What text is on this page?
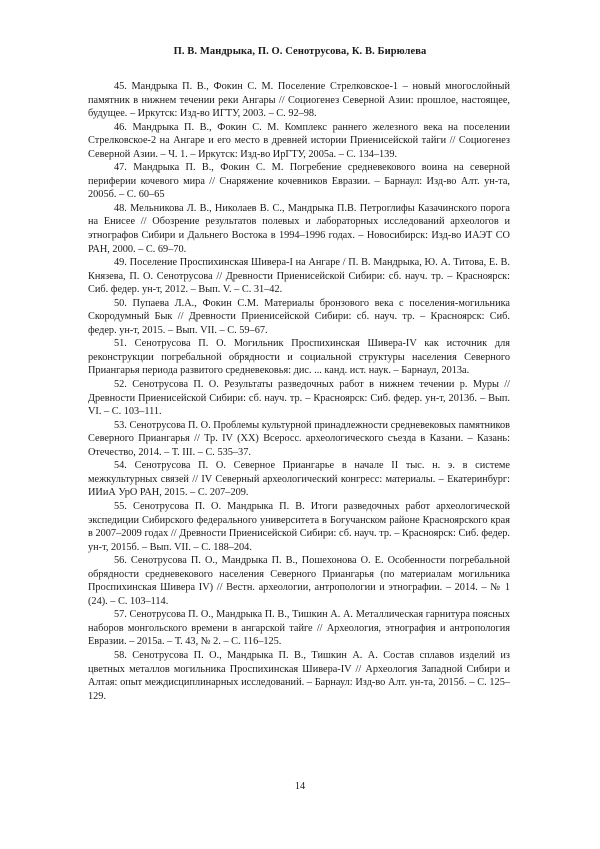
П. В. Мандрыка, П. О. Сенотрусова, К. В. Бирюлева

45. Мандрыка П. В., Фокин С. М. Поселение Стрелковское-1 – новый многослойный памятник в нижнем течении реки Ангары // Социогенез Северной Азии: прошлое, настоящее, будущее. – Иркутск: Изд-во ИГТУ, 2003. – С. 92–98.

46. Мандрыка П. В., Фокин С. М. Комплекс раннего железного века на поселении Стрелковское-2 на Ангаре и его место в древней истории Приенисейской тайги // Социогенез Северной Азии. – Ч. 1. – Иркутск: Изд-во ИрГТУ, 2005а. – С. 134–139.

47. Мандрыка П. В., Фокин С. М. Погребение средневекового воина на северной периферии кочевого мира // Снаряжение кочевников Евразии. – Барнаул: Изд-во Алт. ун-та, 2005б. – С. 60–65

48. Мельникова Л. В., Николаев В. С., Мандрыка П.В. Петроглифы Казачинского порога на Енисее // Обозрение результатов полевых и лабораторных исследований археологов и этнографов Сибири и Дальнего Востока в 1994–1996 годах. – Новосибирск: Изд-во ИАЭТ СО РАН, 2000. – С. 69–70.

49. Поселение Проспихинская Шивера-I на Ангаре / П. В. Мандрыка, Ю. А. Титова, Е. В. Князева, П. О. Сенотрусова // Древности Приенисейской Сибири: сб. науч. тр. – Красноярск: Сиб. федер. ун-т, 2012. – Вып. V. – С. 31–42.

50. Пупаева Л.А., Фокин С.М. Материалы бронзового века с поселения-могильника Скородумный Бык // Древности Приенисейской Сибири: сб. науч. тр. – Красноярск: Сиб. федер. ун-т, 2015. – Вып. VII. – С. 59–67.

51. Сенотрусова П. О. Могильник Проспихинская Шивера-IV как источник для реконструкции погребальной обрядности и социальной структуры населения Северного Приангарья периода развитого средневековья: дис. ... канд. ист. наук. – Барнаул, 2013а.

52. Сенотрусова П. О. Результаты разведочных работ в нижнем течении р. Муры // Древности Приенисейской Сибири: сб. науч. тр. – Красноярск: Сиб. федер. ун-т, 2013б. – Вып. VI. – С. 103–111.

53. Сенотрусова П. О. Проблемы культурной принадлежности средневековых памятников Северного Приангарья // Тр. IV (XX) Всеросс. археологического съезда в Казани. – Казань: Отечество, 2014. – Т. III. – С. 535–37.

54. Сенотрусова П. О. Северное Приангарье в начале II тыс. н. э. в системе межкультурных связей // IV Северный археологический конгресс: материалы. – Екатеринбург: ИИиА УрО РАН, 2015. – С. 207–209.

55. Сенотрусова П. О. Мандрыка П. В. Итоги разведочных работ археологической экспедиции Сибирского федерального университета в Богучанском районе Красноярского края в 2007–2009 годах // Древности Приенисейской Сибири: сб. науч. тр. – Красноярск: Сиб. федер. ун-т, 2015б. – Вып. VII. – С. 188–204.

56. Сенотрусова П. О., Мандрыка П. В., Пошехонова О. Е. Особенности погребальной обрядности средневекового населения Северного Приангарья (по материалам могильника Проспихинская Шивера IV) // Вестн. археологии, антропологии и этнографии. – 2014. – № 1 (24). – С. 103–114.

57. Сенотрусова П. О., Мандрыка П. В., Тишкин А. А. Металлическая гарнитура поясных наборов монгольского времени в ангарской тайге // Археология, этнография и антропология Евразии. – 2015а. – Т. 43, № 2. – С. 116–125.

58. Сенотрусова П. О., Мандрыка П. В., Тишкин А. А. Состав сплавов изделий из цветных металлов могильника Проспихинская Шивера-IV // Археология Западной Сибири и Алтая: опыт междисциплинарных исследований. – Барнаул: Изд-во Алт. ун-та, 2015б. – С. 125–129.

14
